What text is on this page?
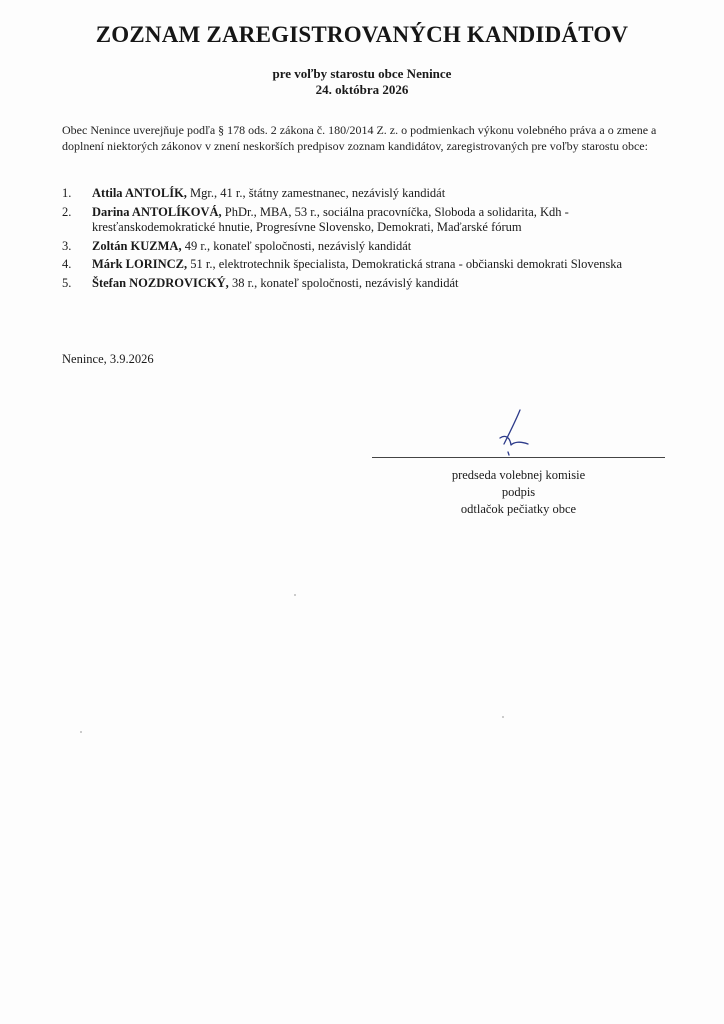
ZOZNAM ZAREGISTROVANÝCH KANDIDÁTOV
pre voľby starostu obce Nenince
24. októbra 2026
Obec Nenince uverejňuje podľa § 178 ods. 2 zákona č. 180/2014 Z. z. o podmienkach výkonu volebného práva a o zmene a doplnení niektorých zákonov v znení neskorších predpisov zoznam kandidátov, zaregistrovaných pre voľby starostu obce:
1. Attila ANTOLÍK, Mgr., 41 r., štátny zamestnanec, nezávislý kandidát
2. Darina ANTOLÍKOVÁ, PhDr., MBA, 53 r., sociálna pracovníčka, Sloboda a solidarita, Kdh - kresťanskodemokratické hnutie, Progresívne Slovensko, Demokrati, Maďarské fórum
3. Zoltán KUZMA, 49 r., konateľ spoločnosti, nezávislý kandidát
4. Márk LORINCZ, 51 r., elektrotechnik špecialista, Demokratická strana - občianski demokrati Slovenska
5. Štefan NOZDROVICKÝ, 38 r., konateľ spoločnosti, nezávislý kandidát
Nenince, 3.9.2026
predseda volebnej komisie
podpis
odtlačok pečiatky obce
